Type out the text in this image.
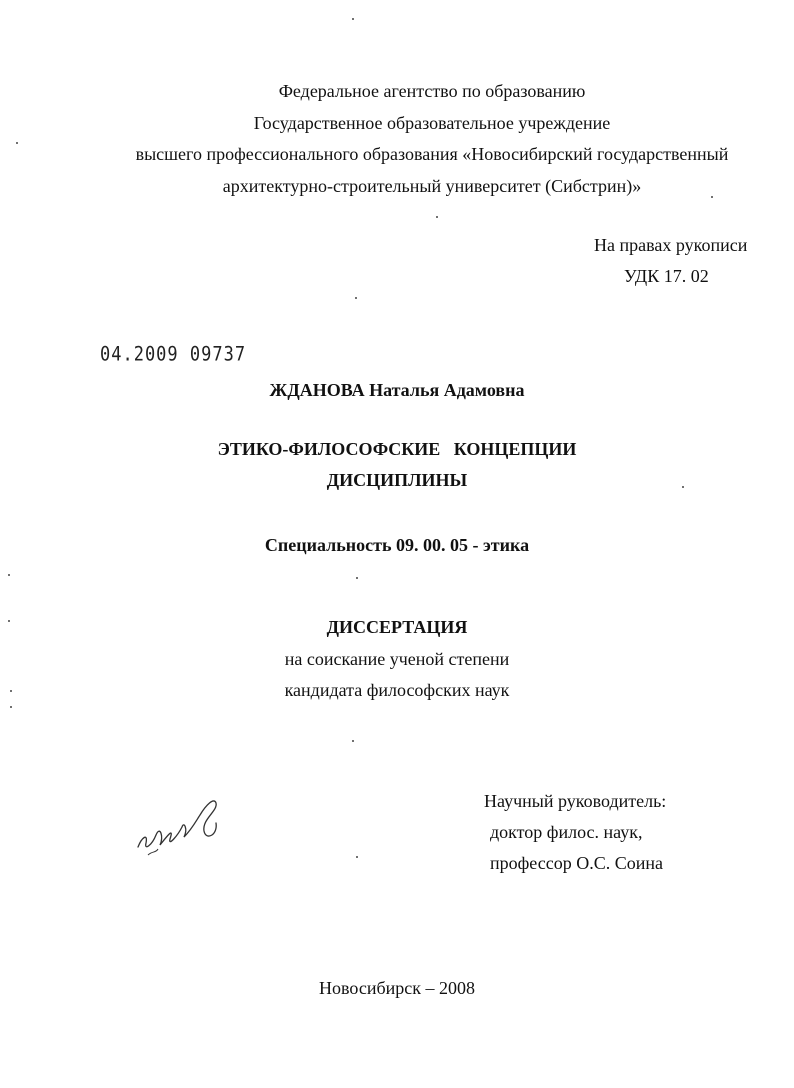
Федеральное агентство по образованию
Государственное образовательное учреждение
высшего профессионального образования «Новосибирский государственный
архитектурно-строительный университет (Сибстрин)»
На правах рукописи
УДК 17. 02
04.2009 09737
ЖДАНОВА Наталья Адамовна
ЭТИКО-ФИЛОСОФСКИЕ   КОНЦЕПЦИИ
ДИСЦИПЛИНЫ
Специальность 09. 00. 05 - этика
ДИССЕРТАЦИЯ
на соискание ученой степени
кандидата философских наук
Научный руководитель:
доктор филос. наук,
профессор О.С. Соина
Новосибирск – 2008
